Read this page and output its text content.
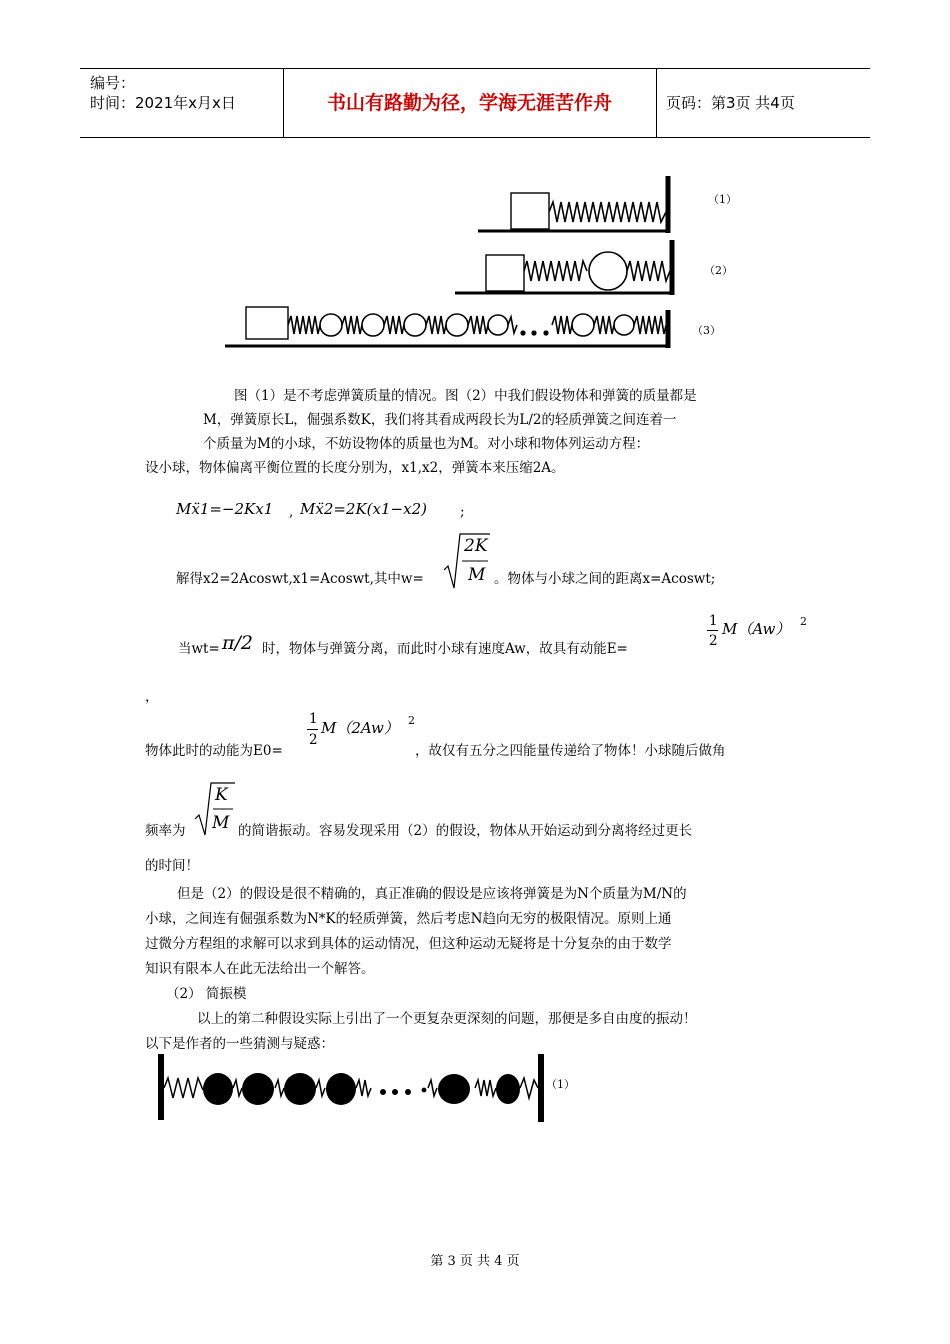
编号：
时间：2021年x月x日	书山有路勤为径，学海无涯苦作舟	页码：第3页 共4页
（1）
（2）
（3）
图（1）是不考虑弹簧质量的情况。图（2）中我们假设物体和弹簧的质量都是
M，弹簧原长L，倔强系数K，我们将其看成两段长为L/2的轻质弹簧之间连着一
个质量为M的小球，不妨设物体的质量也为M。对小球和物体列运动方程：
设小球，物体偏离平衡位置的长度分别为，x1,x2，弹簧本来压缩2A。
Mẍ1=−2Kx1 , Mẍ2=2K(x1−x2) ;
解得x2=2Acoswt,x1=Acoswt,其中w=
2K
M 。物体与小球之间的距离x=Acoswt;
当wt= π/2 时，物体与弹簧分离，而此时小球有速度Aw，故具有动能E=
1
2
M（Aw） 2
，
物体此时的动能为E0=
1
2
M（2Aw） 2
，故仅有五分之四能量传递给了物体！小球随后做角
频率为
K
M 的简谐振动。容易发现采用（2）的假设，物体从开始运动到分离将经过更长
的时间！
但是（2）的假设是很不精确的，真正准确的假设是应该将弹簧是为N个质量为M/N的
小球，之间连有倔强系数为N*K的轻质弹簧，然后考虑N趋向无穷的极限情况。原则上通
过微分方程组的求解可以求到具体的运动情况，但这种运动无疑将是十分复杂的由于数学
知识有限本人在此无法给出一个解答。
（2） 简振模
以上的第二种假设实际上引出了一个更复杂更深刻的问题，那便是多自由度的振动！
以下是作者的一些猜测与疑惑：
（1）
第 3 页 共 4 页
